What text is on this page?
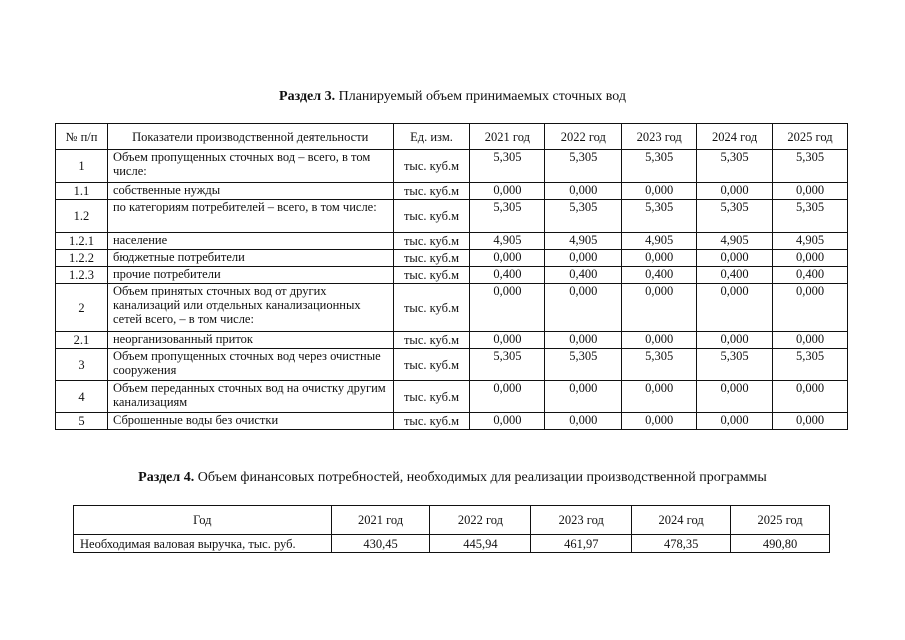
Раздел 3. Планируемый объем принимаемых сточных вод
№ п/п	Показатели производственной деятельности	Ед. изм.	2021 год	2022 год	2023 год	2024 год	2025 год
1	Объем пропущенных сточных вод – всего, в том числе:	тыс. куб.м	5,305	5,305	5,305	5,305	5,305
1.1	собственные нужды	тыс. куб.м	0,000	0,000	0,000	0,000	0,000
1.2	по категориям потребителей – всего, в том числе:	тыс. куб.м	5,305	5,305	5,305	5,305	5,305
1.2.1	население	тыс. куб.м	4,905	4,905	4,905	4,905	4,905
1.2.2	бюджетные потребители	тыс. куб.м	0,000	0,000	0,000	0,000	0,000
1.2.3	прочие потребители	тыс. куб.м	0,400	0,400	0,400	0,400	0,400
2	Объем принятых сточных вод от других канализаций или отдельных канализационных сетей всего, – в том числе:	тыс. куб.м	0,000	0,000	0,000	0,000	0,000
2.1	неорганизованный приток	тыс. куб.м	0,000	0,000	0,000	0,000	0,000
3	Объем пропущенных сточных вод через очистные сооружения	тыс. куб.м	5,305	5,305	5,305	5,305	5,305
4	Объем переданных сточных вод на очистку другим канализациям	тыс. куб.м	0,000	0,000	0,000	0,000	0,000
5	Сброшенные воды без очистки	тыс. куб.м	0,000	0,000	0,000	0,000	0,000
Раздел 4. Объем финансовых потребностей, необходимых для реализации производственной программы
Год	2021 год	2022 год	2023 год	2024 год	2025 год
Необходимая валовая выручка, тыс. руб.	430,45	445,94	461,97	478,35	490,80
